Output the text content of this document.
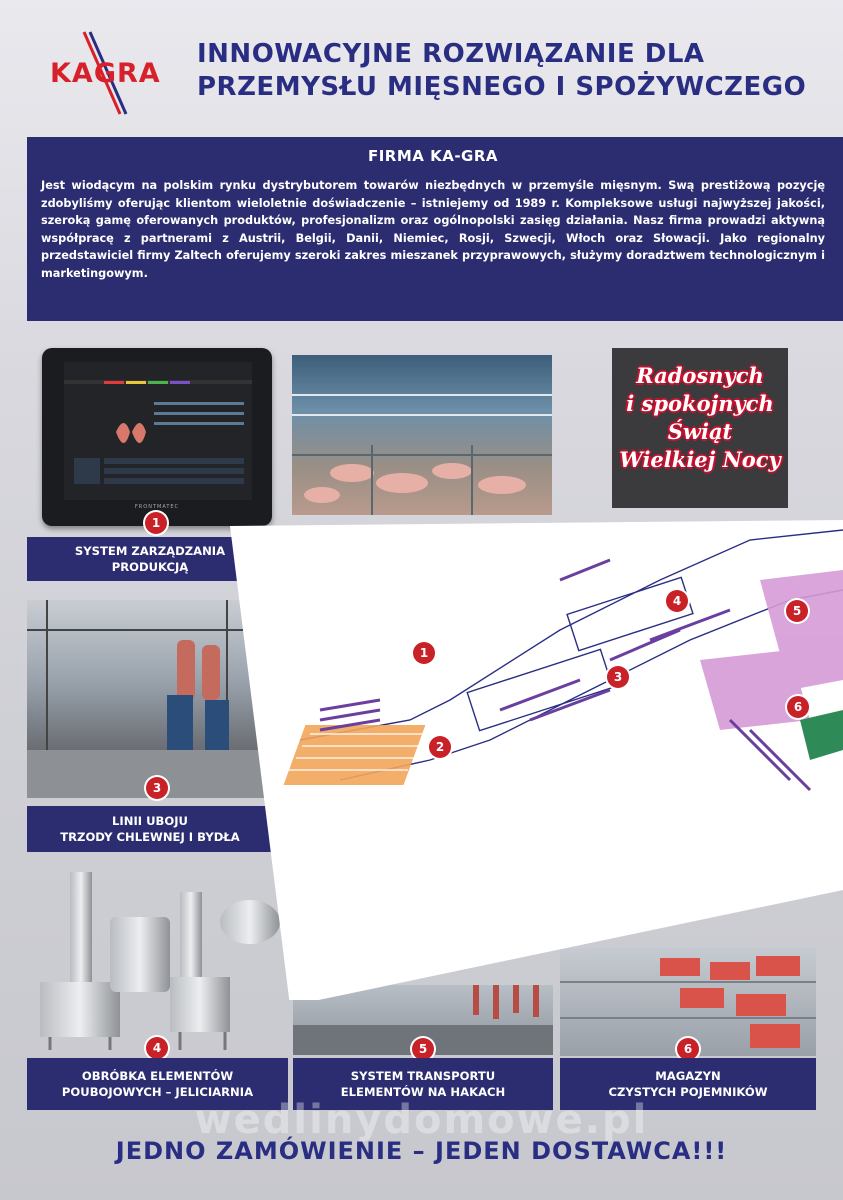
KAGRA
INNOWACYJNE ROZWIĄZANIE DLA
PRZEMYSŁU MIĘSNEGO I SPOŻYWCZEGO
FIRMA KA-GRA
Jest wiodącym na polskim rynku dystrybutorem towarów niezbędnych w przemyśle mięsnym. Swą prestiżową pozycję zdobyliśmy oferując klientom wieloletnie doświadczenie – istniejemy od 1989 r. Kompleksowe usługi najwyższej jakości, szeroką gamę oferowanych produktów, profesjonalizm oraz ogólnopolski zasięg działania. Nasz firma prowadzi aktywną współpracę z partnerami z Austrii, Belgii, Danii, Niemiec, Rosji, Szwecji, Włoch oraz Słowacji. Jako regionalny przedstawiciel firmy Zaltech oferujemy szeroki zakres mieszanek przyprawowych, służymy doradztwem technologicznym i marketingowym.
FRONTMATEC
1
SYSTEM ZARZĄDZANIA
PRODUKCJĄ
Radosnych
i spokojnych
Świąt
Wielkiej Nocy
3
LINII UBOJU
TRZODY CHLEWNEJ I BYDŁA
4
OBRÓBKA ELEMENTÓW
POUBOJOWYCH – JELICIARNIA
5
SYSTEM TRANSPORTU
ELEMENTÓW NA HAKACH
6
MAGAZYN
CZYSTYCH POJEMNIKÓW
1
2
3
4
5
6
wedlinydomowe.pl
JEDNO ZAMÓWIENIE – JEDEN DOSTAWCA!!!
